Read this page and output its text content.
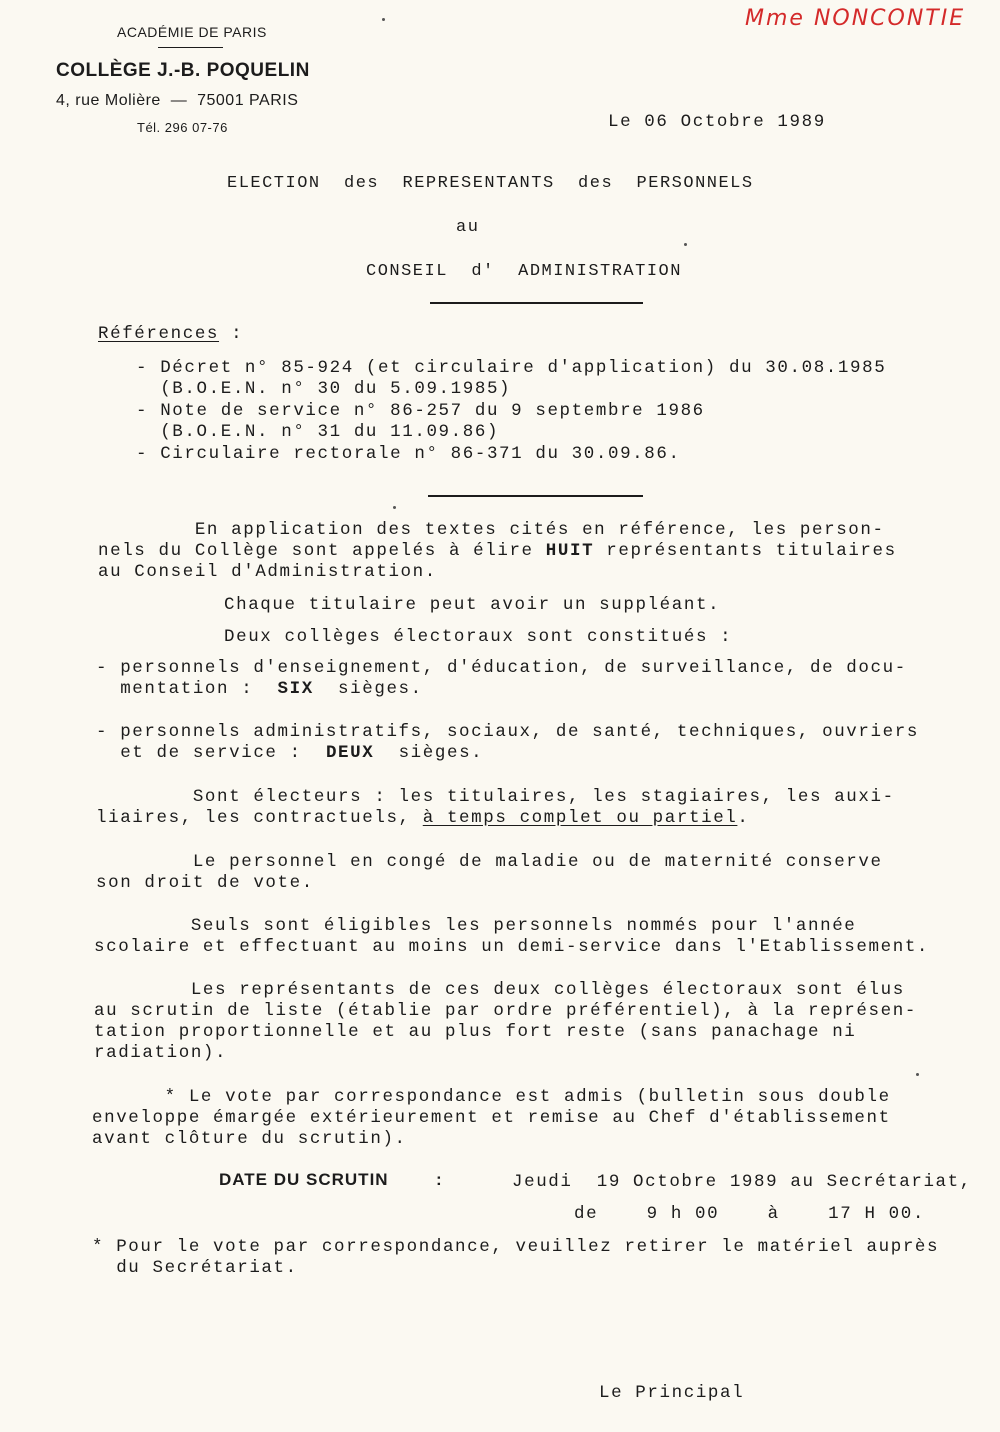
Mme NONCONTIE
ACADÉMIE DE PARIS
COLLÈGE J.-B. POQUELIN
4, rue Molière  —  75001 PARIS
Tél. 296 07-76	Le 06 Octobre 1989
ELECTION  des  REPRESENTANTS  des  PERSONNELS
au
CONSEIL  d'  ADMINISTRATION
Références :
- Décret n° 85-924 (et circulaire d'application) du 30.08.1985
(B.O.E.N. n° 30 du 5.09.1985)
- Note de service n° 86-257 du 9 septembre 1986
(B.O.E.N. n° 31 du 11.09.86)
- Circulaire rectorale n° 86-371 du 30.09.86.
En application des textes cités en référence, les person-
nels du Collège sont appelés à élire HUIT représentants titulaires
au Conseil d'Administration.
Chaque titulaire peut avoir un suppléant.
Deux collèges électoraux sont constitués :
- personnels d'enseignement, d'éducation, de surveillance, de docu-
mentation :  SIX  sièges.
- personnels administratifs, sociaux, de santé, techniques, ouvriers
et de service :  DEUX  sièges.
Sont électeurs : les titulaires, les stagiaires, les auxi-
liaires, les contractuels, à temps complet ou partiel.
Le personnel en congé de maladie ou de maternité conserve
son droit de vote.
Seuls sont éligibles les personnels nommés pour l'année
scolaire et effectuant au moins un demi-service dans l'Etablissement.
Les représentants de ces deux collèges électoraux sont élus
au scrutin de liste (établie par ordre préférentiel), à la représen-
tation proportionnelle et au plus fort reste (sans panachage ni
radiation).
* Le vote par correspondance est admis (bulletin sous double
enveloppe émargée extérieurement et remise au Chef d'établissement
avant clôture du scrutin).
DATE DU SCRUTIN	:	Jeudi  19 Octobre 1989 au Secrétariat,
de    9 h 00    à    17 H 00.
* Pour le vote par correspondance, veuillez retirer le matériel auprès
du Secrétariat.
Le Principal
